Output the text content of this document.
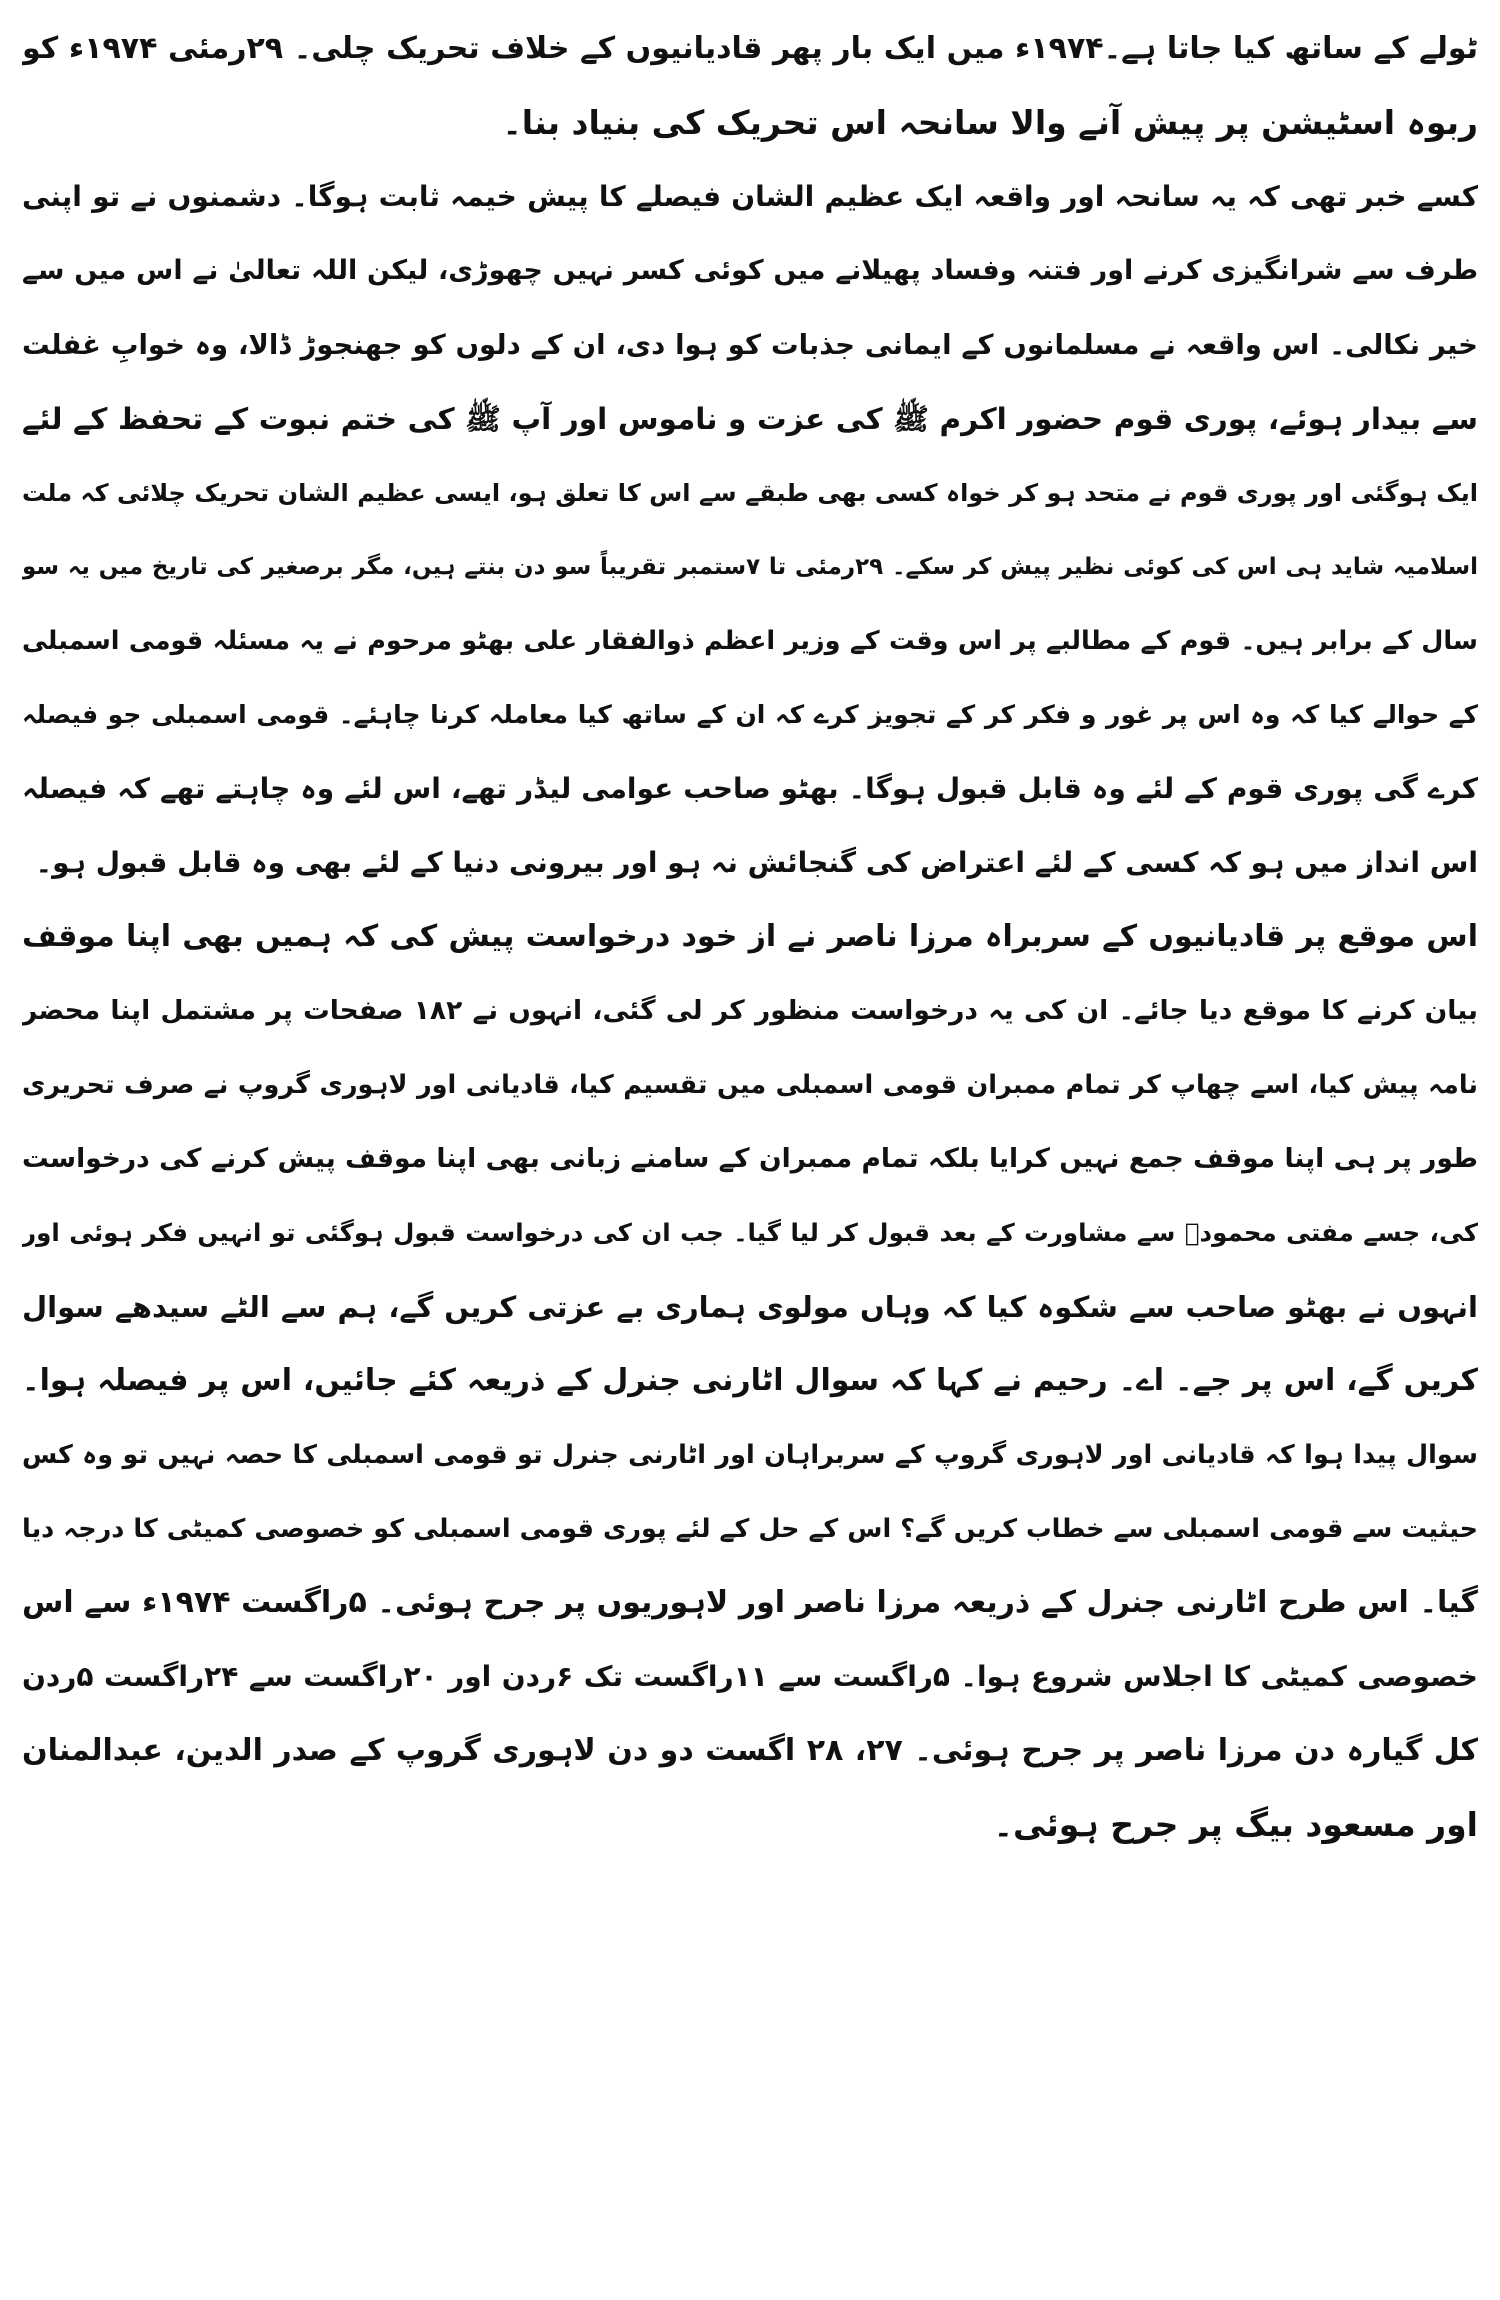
ٹولے کے ساتھ کیا جاتا ہے۔۱۹۷۴ء میں ایک بار پھر قادیانیوں کے خلاف تحریک چلی۔ ۲۹رمئی ۱۹۷۴ء کو
ربوہ اسٹیشن پر پیش آنے والا سانحہ اس تحریک کی بنیاد بنا۔
کسے خبر تھی کہ یہ سانحہ اور واقعہ ایک عظیم الشان فیصلے کا پیش خیمہ ثابت ہوگا۔ دشمنوں نے تو اپنی
طرف سے شرانگیزی کرنے اور فتنہ وفساد پھیلانے میں کوئی کسر نہیں چھوڑی، لیکن اللہ تعالیٰ نے اس میں سے
خیر نکالی۔ اس واقعہ نے مسلمانوں کے ایمانی جذبات کو ہوا دی، ان کے دلوں کو جھنجوڑ ڈالا، وہ خوابِ غفلت
سے بیدار ہوئے، پوری قوم حضور اکرم ﷺ کی عزت و ناموس اور آپ ﷺ کی ختم نبوت کے تحفظ کے لئے
ایک ہوگئی اور پوری قوم نے متحد ہو کر خواہ کسی بھی طبقے سے اس کا تعلق ہو، ایسی عظیم الشان تحریک چلائی کہ ملت
اسلامیہ شاید ہی اس کی کوئی نظیر پیش کر سکے۔ ۲۹رمئی تا ۷ستمبر تقریباً سو دن بنتے ہیں، مگر برصغیر کی تاریخ میں یہ سو
سال کے برابر ہیں۔ قوم کے مطالبے پر اس وقت کے وزیر اعظم ذوالفقار علی بھٹو مرحوم نے یہ مسئلہ قومی اسمبلی
کے حوالے کیا کہ وہ اس پر غور و فکر کر کے تجویز کرے کہ ان کے ساتھ کیا معاملہ کرنا چاہئے۔ قومی اسمبلی جو فیصلہ
کرے گی پوری قوم کے لئے وہ قابل قبول ہوگا۔ بھٹو صاحب عوامی لیڈر تھے، اس لئے وہ چاہتے تھے کہ فیصلہ
اس انداز میں ہو کہ کسی کے لئے اعتراض کی گنجائش نہ ہو اور بیرونی دنیا کے لئے بھی وہ قابل قبول ہو۔
اس موقع پر قادیانیوں کے سربراہ مرزا ناصر نے از خود درخواست پیش کی کہ ہمیں بھی اپنا موقف
بیان کرنے کا موقع دیا جائے۔ ان کی یہ درخواست منظور کر لی گئی، انہوں نے ۱۸۲ صفحات پر مشتمل اپنا محضر
نامہ پیش کیا، اسے چھاپ کر تمام ممبران قومی اسمبلی میں تقسیم کیا، قادیانی اور لاہوری گروپ نے صرف تحریری
طور پر ہی اپنا موقف جمع نہیں کرایا بلکہ تمام ممبران کے سامنے زبانی بھی اپنا موقف پیش کرنے کی درخواست
کی، جسے مفتی محمودؒ سے مشاورت کے بعد قبول کر لیا گیا۔ جب ان کی درخواست قبول ہوگئی تو انہیں فکر ہوئی اور
انہوں نے بھٹو صاحب سے شکوہ کیا کہ وہاں مولوی ہماری بے عزتی کریں گے، ہم سے الٹے سیدھے سوال
کریں گے، اس پر جے۔ اے۔ رحیم نے کہا کہ سوال اٹارنی جنرل کے ذریعہ کئے جائیں، اس پر فیصلہ ہوا۔
سوال پیدا ہوا کہ قادیانی اور لاہوری گروپ کے سربراہان اور اٹارنی جنرل تو قومی اسمبلی کا حصہ نہیں تو وہ کس
حیثیت سے قومی اسمبلی سے خطاب کریں گے؟ اس کے حل کے لئے پوری قومی اسمبلی کو خصوصی کمیٹی کا درجہ دیا
گیا۔ اس طرح اٹارنی جنرل کے ذریعہ مرزا ناصر اور لاہوریوں پر جرح ہوئی۔ ۵راگست ۱۹۷۴ء سے اس
خصوصی کمیٹی کا اجلاس شروع ہوا۔ ۵راگست سے ۱۱راگست تک ۶ردن اور ۲۰راگست سے ۲۴راگست ۵ردن
کل گیارہ دن مرزا ناصر پر جرح ہوئی۔ ۲۷، ۲۸ اگست دو دن لاہوری گروپ کے صدر الدین، عبدالمنان
اور مسعود بیگ پر جرح ہوئی۔
